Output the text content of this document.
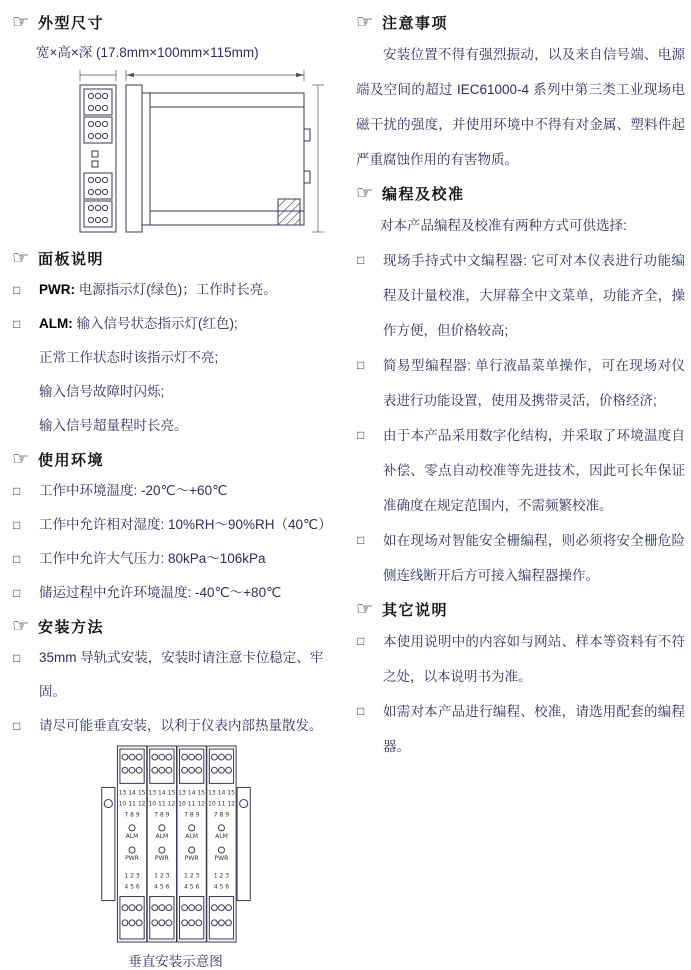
☞ 外型尺寸
宽×高×深 (17.8mm×100mm×115mm)
☞ 面板说明
□	PWR: 电源指示灯(绿色)；工作时长亮。
□	ALM: 输入信号状态指示灯(红色);
正常工作状态时该指示灯不亮;
输入信号故障时闪烁;
输入信号超量程时长亮。
☞ 使用环境
□	工作中环境温度: -20℃～+60℃
□	工作中允许相对湿度: 10%RH～90%RH（40℃）
□	工作中允许大气压力: 80kPa～106kPa
□	储运过程中允许环境温度: -40℃～+80℃
☞ 安装方法
□	35mm 导轨式安装，安装时请注意卡位稳定、牢固。
□	请尽可能垂直安装，以利于仪表内部热量散发。
13 14 15
10 11 12
7 8 9
ALM
PWR
1 2 3
4 5 6
13 14 15
10 11 12
7 8 9
ALM
PWR
1 2 3
4 5 6
13 14 15
10 11 12
7 8 9
ALM
PWR
1 2 3
4 5 6
13 14 15
10 11 12
7 8 9
ALM
PWR
1 2 3
4 5 6
垂直安装示意图
☞ 注意事项
安装位置不得有强烈振动，以及来自信号端、电源端及空间的超过 IEC61000-4 系列中第三类工业现场电磁干扰的强度，并使用环境中不得有对金属、塑料件起严重腐蚀作用的有害物质。
☞ 编程及校准
对本产品编程及校准有两种方式可供选择:
□	现场手持式中文编程器: 它可对本仪表进行功能编程及计量校准，大屏幕全中文菜单，功能齐全，操作方便，但价格较高;
□	简易型编程器: 单行液晶菜单操作，可在现场对仪表进行功能设置，使用及携带灵活，价格经济;
□	由于本产品采用数字化结构，并采取了环境温度自补偿、零点自动校准等先进技术，因此可长年保证准确度在规定范围内，不需频繁校准。
□	如在现场对智能安全栅编程，则必须将安全栅危险侧连线断开后方可接入编程器操作。
☞ 其它说明
□	本使用说明中的内容如与网站、样本等资料有不符之处，以本说明书为准。
□	如需对本产品进行编程、校准，请选用配套的编程器。
